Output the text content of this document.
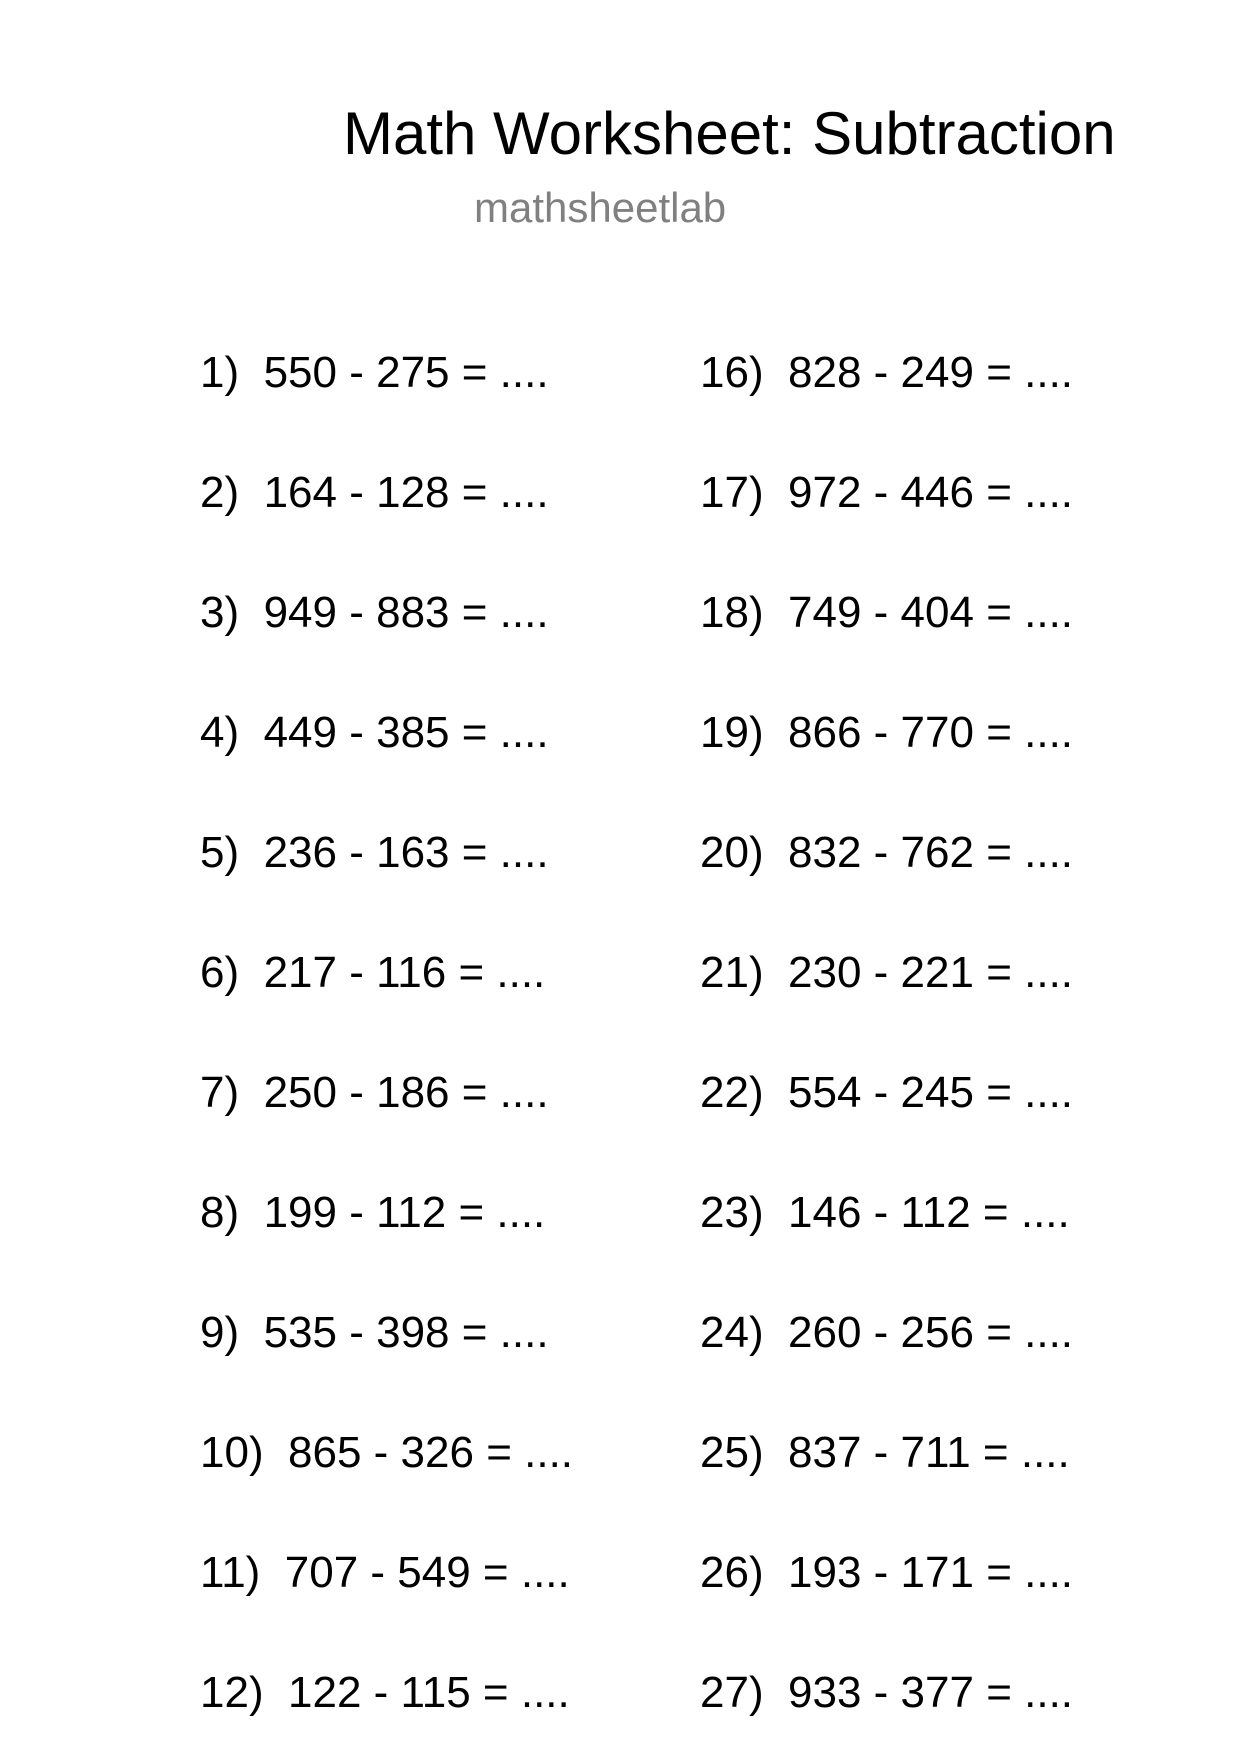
Math Worksheet: Subtraction
mathsheetlab
1) 550 - 275 = ....
2) 164 - 128 = ....
3) 949 - 883 = ....
4) 449 - 385 = ....
5) 236 - 163 = ....
6) 217 - 116 = ....
7) 250 - 186 = ....
8) 199 - 112 = ....
9) 535 - 398 = ....
10) 865 - 326 = ....
11) 707 - 549 = ....
12) 122 - 115 = ....
16) 828 - 249 = ....
17) 972 - 446 = ....
18) 749 - 404 = ....
19) 866 - 770 = ....
20) 832 - 762 = ....
21) 230 - 221 = ....
22) 554 - 245 = ....
23) 146 - 112 = ....
24) 260 - 256 = ....
25) 837 - 711 = ....
26) 193 - 171 = ....
27) 933 - 377 = ....
